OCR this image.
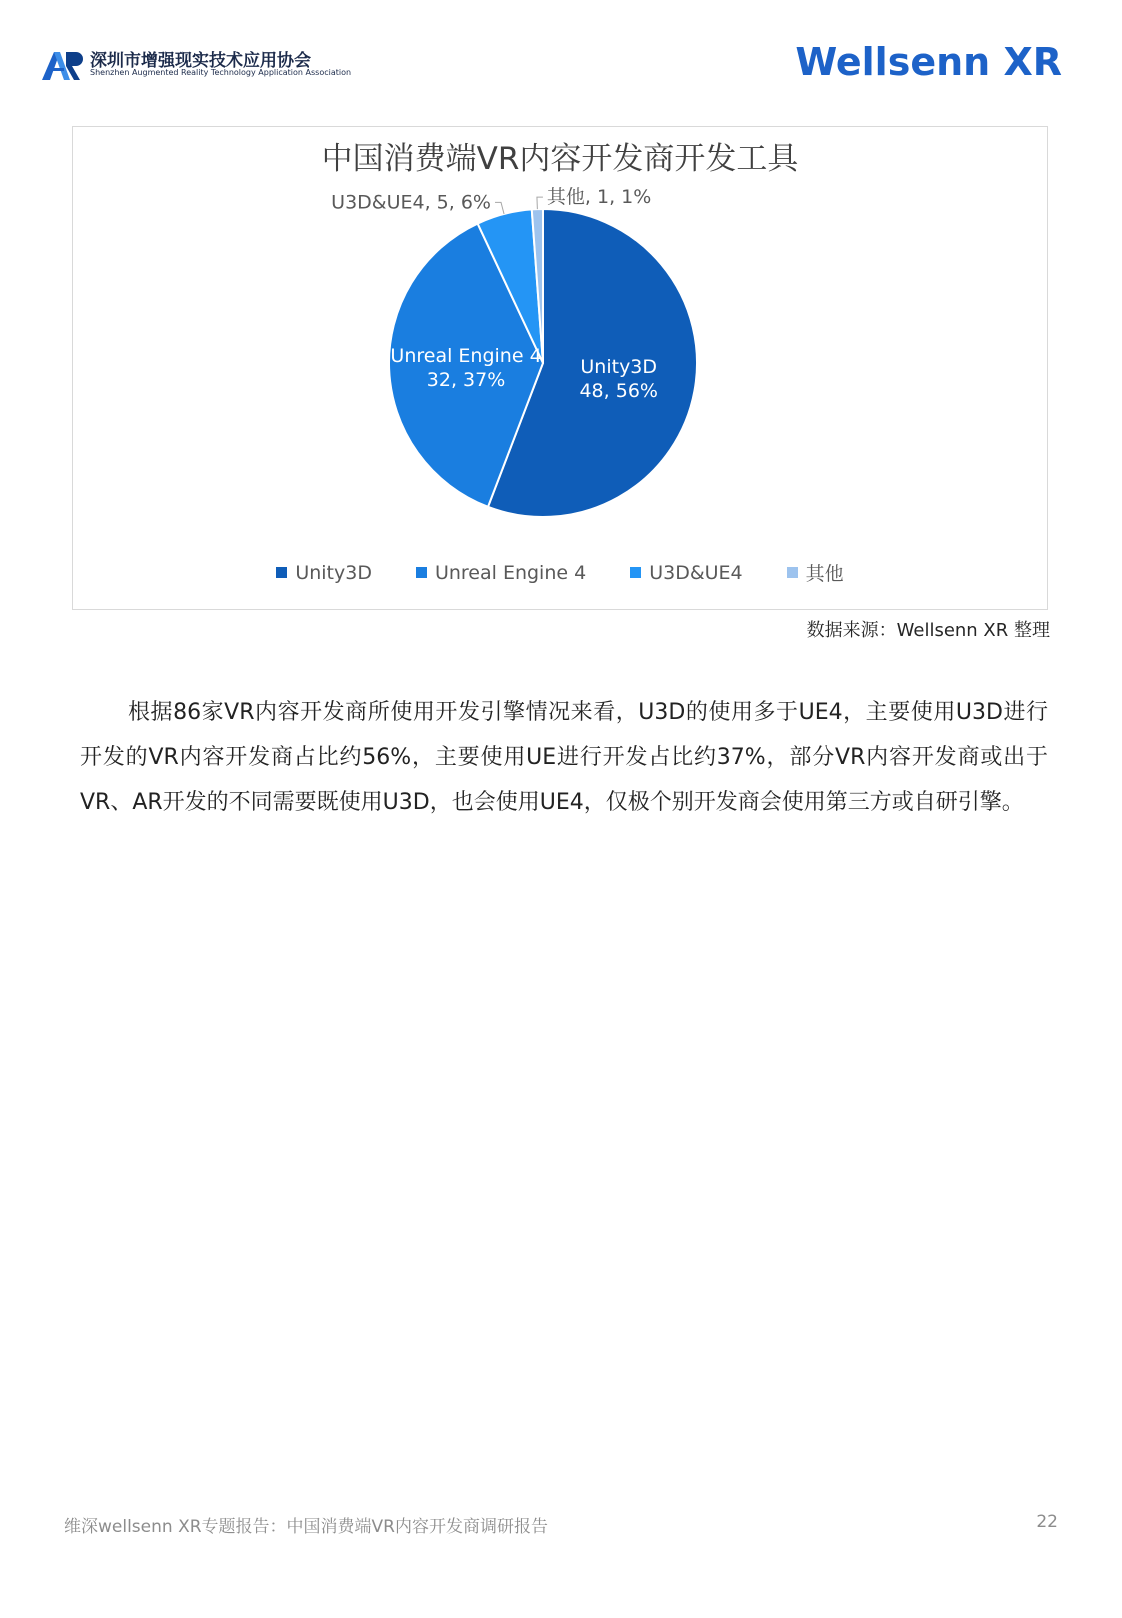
深圳市增强现实技术应用协会
Shenzhen Augmented Reality Technology Application Association	Wellsenn XR
中国消费端VR内容开发商开发工具
Unity3D
48, 56%
Unreal Engine 4
32, 37%
U3D&UE4, 5, 6%	其他, 1, 1%
Unity3D	Unreal Engine 4	U3D&UE4	其他
数据来源：Wellsenn XR 整理
根据86家VR内容开发商所使用开发引擎情况来看，U3D的使用多于UE4，主要使用U3D进行开发的VR内容开发商占比约56%，主要使用UE进行开发占比约37%，部分VR内容开发商或出于VR、AR开发的不同需要既使用U3D，也会使用UE4，仅极个别开发商会使用第三方或自研引擎。
维深wellsenn XR专题报告：中国消费端VR内容开发商调研报告	22
